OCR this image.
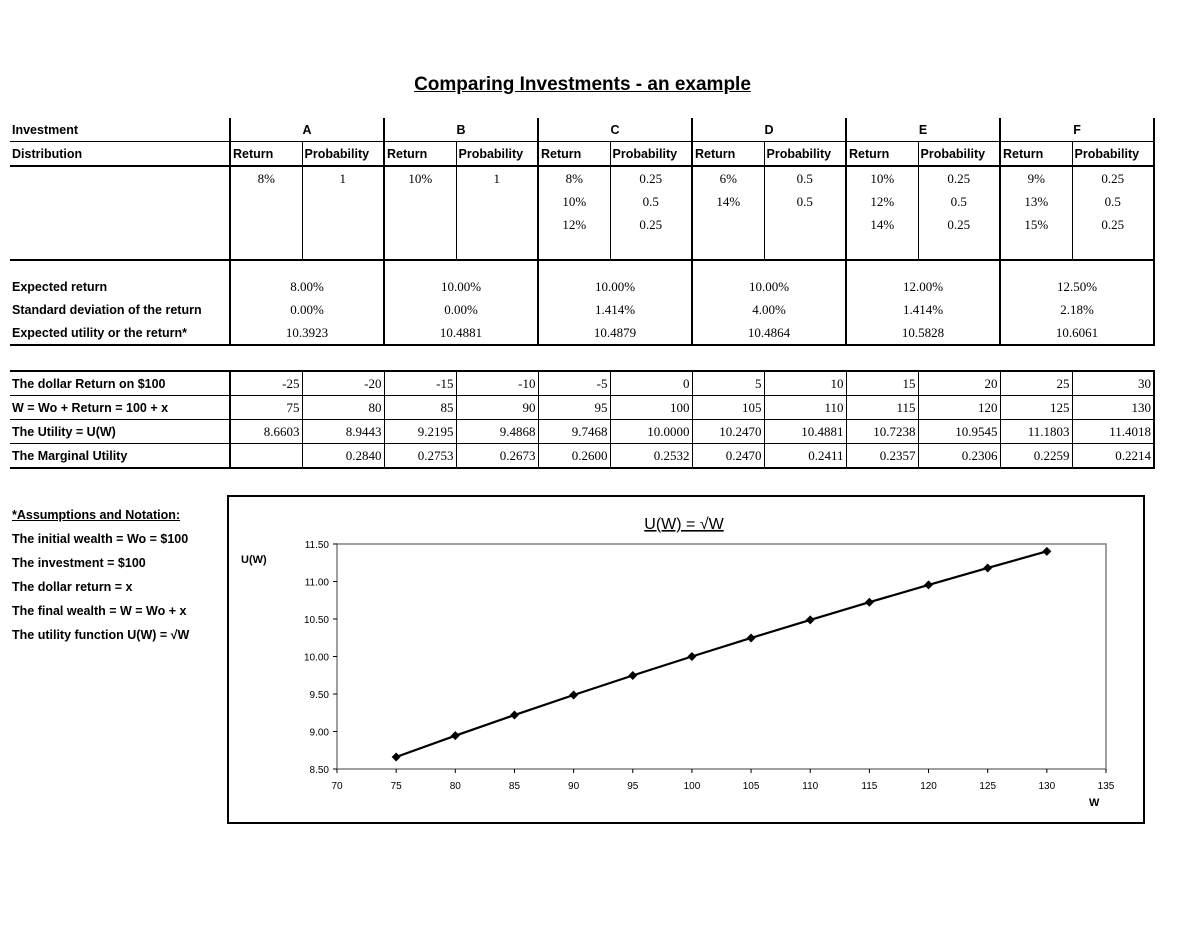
Comparing Investments - an example
Investment	A		B		C		D		E		F	
Distribution	Return	Probability	Return	Probability	Return	Probability	Return	Probability	Return	Probability	Return	Probability
	8%	1	10%	1	8%	0.25	6%	0.5	10%	0.25	9%	0.25
					10%	0.5	14%	0.5	12%	0.5	13%	0.5
					12%	0.25			14%	0.25	15%	0.25

Expected return	8.00%		10.00%		10.00%		10.00%		12.00%		12.50%	
Standard deviation of the return	0.00%		0.00%		1.414%		4.00%		1.414%		2.18%	
Expected utility or the return*	10.3923		10.4881		10.4879		10.4864		10.5828		10.6061	
The dollar Return on $100	-25	-20	-15	-10	-5	0	5	10	15	20	25	30
W = Wo + Return = 100 + x	75	80	85	90	95	100	105	110	115	120	125	130
The Utility = U(W)	8.6603	8.9443	9.2195	9.4868	9.7468	10.0000	10.2470	10.4881	10.7238	10.9545	11.1803	11.4018
The Marginal Utility		0.2840	0.2753	0.2673	0.2600	0.2532	0.2470	0.2411	0.2357	0.2306	0.2259	0.2214
*Assumptions and Notation:
The initial wealth = Wo = $100
The investment = $100
The dollar return = x
The final wealth = W = Wo + x
The utility function U(W) = √W
U(W) = √W
U(W)
W
8.50
9.00
9.50
10.00
10.50
11.00
11.50
70	75	80	85	90	95	100	105	110	115	120	125	130	135
